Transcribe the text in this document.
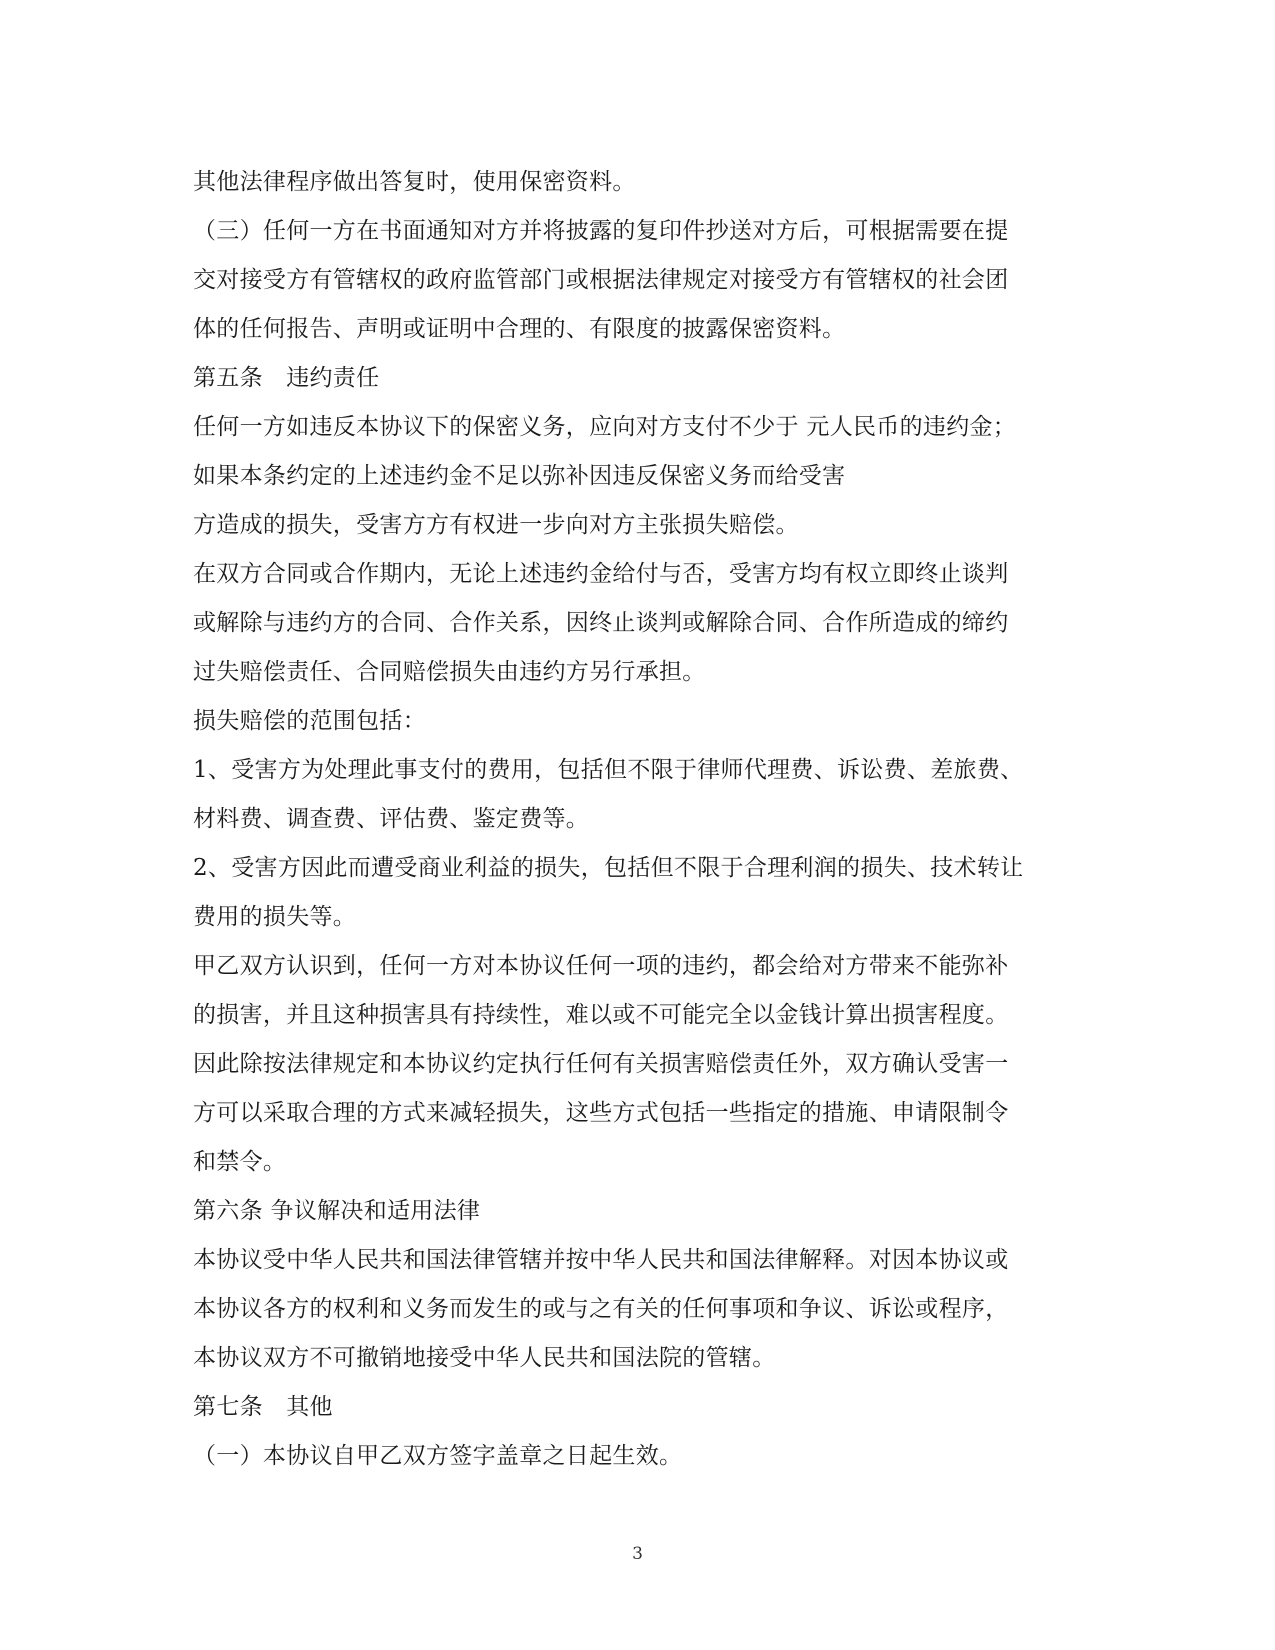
其他法律程序做出答复时，使用保密资料。
（三）任何一方在书面通知对方并将披露的复印件抄送对方后，可根据需要在提
交对接受方有管辖权的政府监管部门或根据法律规定对接受方有管辖权的社会团
体的任何报告、声明或证明中合理的、有限度的披露保密资料。
第五条　违约责任
任何一方如违反本协议下的保密义务，应向对方支付不少于 元人民币的违约金；
如果本条约定的上述违约金不足以弥补因违反保密义务而给受害
方造成的损失，受害方方有权进一步向对方主张损失赔偿。
在双方合同或合作期内，无论上述违约金给付与否，受害方均有权立即终止谈判
或解除与违约方的合同、合作关系，因终止谈判或解除合同、合作所造成的缔约
过失赔偿责任、合同赔偿损失由违约方另行承担。
损失赔偿的范围包括：
1、受害方为处理此事支付的费用，包括但不限于律师代理费、诉讼费、差旅费、
材料费、调查费、评估费、鉴定费等。
2、受害方因此而遭受商业利益的损失，包括但不限于合理利润的损失、技术转让
费用的损失等。
甲乙双方认识到，任何一方对本协议任何一项的违约，都会给对方带来不能弥补
的损害，并且这种损害具有持续性，难以或不可能完全以金钱计算出损害程度。
因此除按法律规定和本协议约定执行任何有关损害赔偿责任外，双方确认受害一
方可以采取合理的方式来减轻损失，这些方式包括一些指定的措施、申请限制令
和禁令。
第六条 争议解决和适用法律
本协议受中华人民共和国法律管辖并按中华人民共和国法律解释。对因本协议或
本协议各方的权利和义务而发生的或与之有关的任何事项和争议、诉讼或程序，
本协议双方不可撤销地接受中华人民共和国法院的管辖。
第七条　其他
（一）本协议自甲乙双方签字盖章之日起生效。
3
